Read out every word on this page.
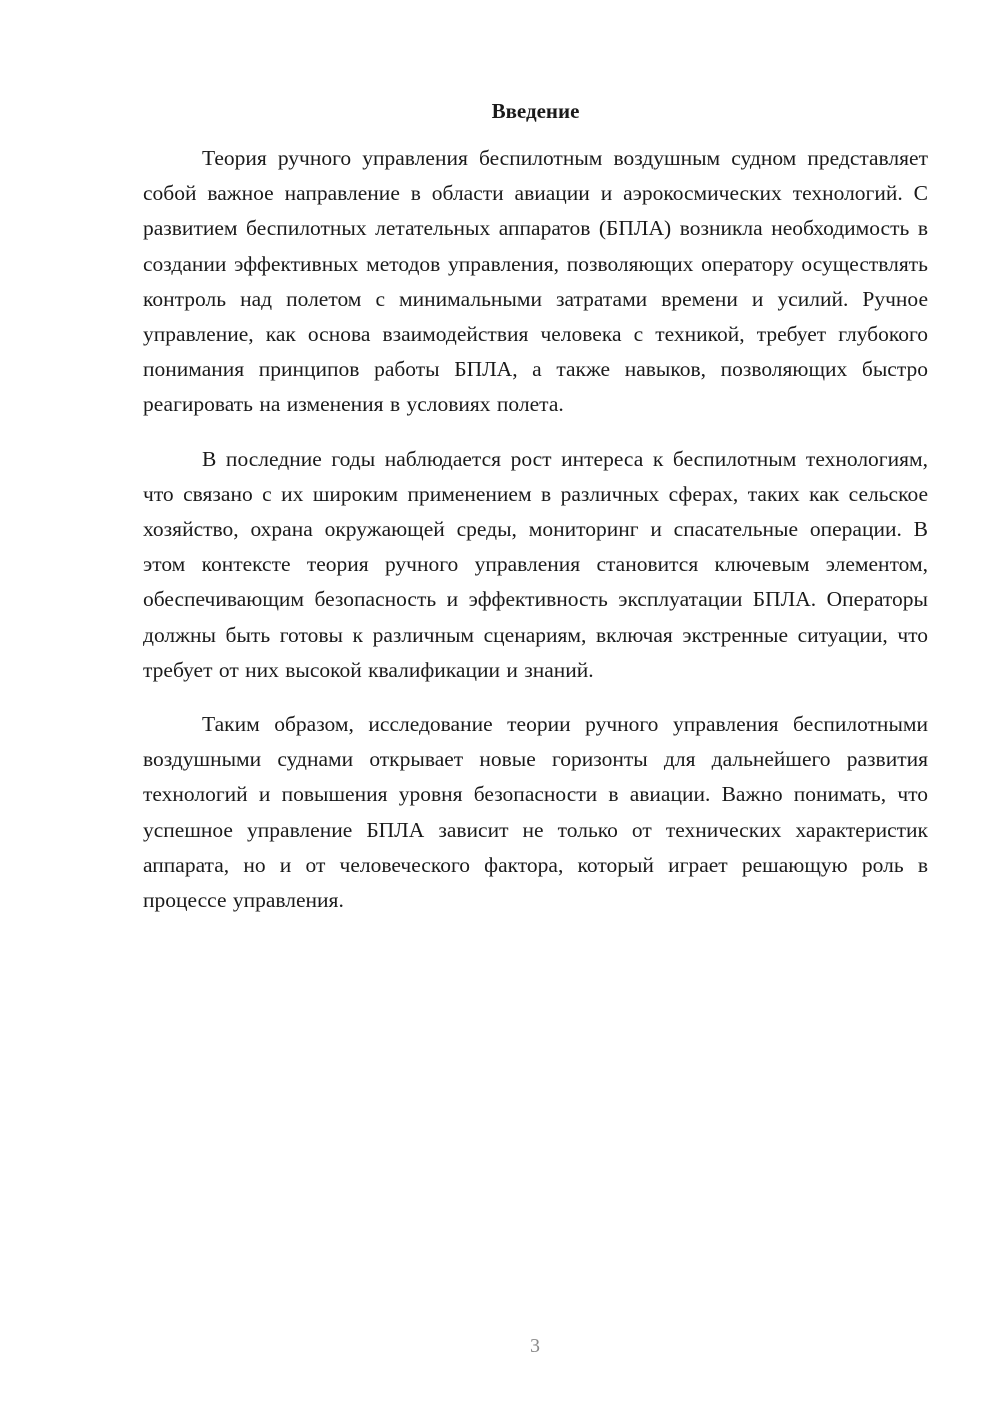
Введение

Теория ручного управления беспилотным воздушным судном представляет собой важное направление в области авиации и аэрокосмических технологий. С развитием беспилотных летательных аппаратов (БПЛА) возникла необходимость в создании эффективных методов управления, позволяющих оператору осуществлять контроль над полетом с минимальными затратами времени и усилий. Ручное управление, как основа взаимодействия человека с техникой, требует глубокого понимания принципов работы БПЛА, а также навыков, позволяющих быстро реагировать на изменения в условиях полета.

В последние годы наблюдается рост интереса к беспилотным технологиям, что связано с их широким применением в различных сферах, таких как сельское хозяйство, охрана окружающей среды, мониторинг и спасательные операции. В этом контексте теория ручного управления становится ключевым элементом, обеспечивающим безопасность и эффективность эксплуатации БПЛА. Операторы должны быть готовы к различным сценариям, включая экстренные ситуации, что требует от них высокой квалификации и знаний.

Таким образом, исследование теории ручного управления беспилотными воздушными суднами открывает новые горизонты для дальнейшего развития технологий и повышения уровня безопасности в авиации. Важно понимать, что успешное управление БПЛА зависит не только от технических характеристик аппарата, но и от человеческого фактора, который играет решающую роль в процессе управления.

3
